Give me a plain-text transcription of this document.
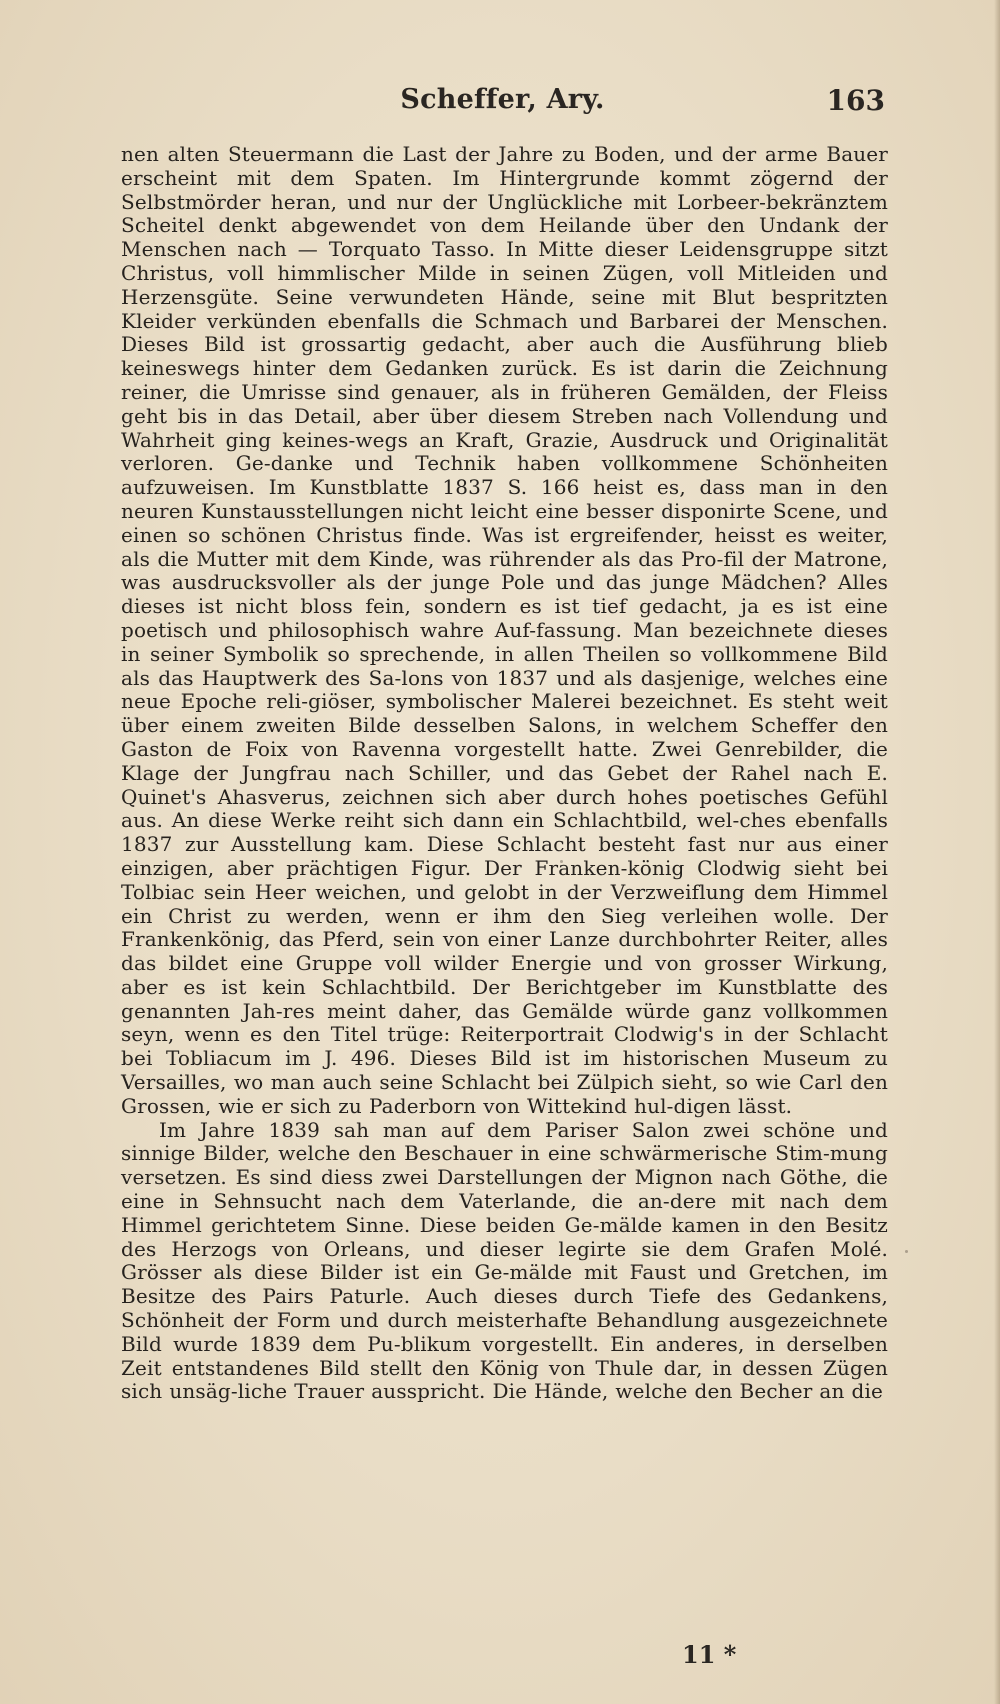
Scheffer, Ary.	163

nen alten Steuermann die Last der Jahre zu Boden, und der arme Bauer erscheint mit dem Spaten. Im Hintergrunde kommt zögernd der Selbstmörder heran, und nur der Unglückliche mit Lorbeer-bekränztem Scheitel denkt abgewendet von dem Heilande über den Undank der Menschen nach — Torquato Tasso. In Mitte dieser Leidensgruppe sitzt Christus, voll himmlischer Milde in seinen Zügen, voll Mitleiden und Herzensgüte. Seine verwundeten Hände, seine mit Blut bespritzten Kleider verkünden ebenfalls die Schmach und Barbarei der Menschen. Dieses Bild ist grossartig gedacht, aber auch die Ausführung blieb keineswegs hinter dem Gedanken zurück. Es ist darin die Zeichnung reiner, die Umrisse sind genauer, als in früheren Gemälden, der Fleiss geht bis in das Detail, aber über diesem Streben nach Vollendung und Wahrheit ging keines-wegs an Kraft, Grazie, Ausdruck und Originalität verloren. Ge-danke und Technik haben vollkommene Schönheiten aufzuweisen. Im Kunstblatte 1837 S. 166 heist es, dass man in den neuren Kunstausstellungen nicht leicht eine besser disponirte Scene, und einen so schönen Christus finde. Was ist ergreifender, heisst es weiter, als die Mutter mit dem Kinde, was rührender als das Pro-fil der Matrone, was ausdrucksvoller als der junge Pole und das junge Mädchen? Alles dieses ist nicht bloss fein, sondern es ist tief gedacht, ja es ist eine poetisch und philosophisch wahre Auf-fassung. Man bezeichnete dieses in seiner Symbolik so sprechende, in allen Theilen so vollkommene Bild als das Hauptwerk des Sa-lons von 1837 und als dasjenige, welches eine neue Epoche reli-giöser, symbolischer Malerei bezeichnet. Es steht weit über einem zweiten Bilde desselben Salons, in welchem Scheffer den Gaston de Foix von Ravenna vorgestellt hatte. Zwei Genrebilder, die Klage der Jungfrau nach Schiller, und das Gebet der Rahel nach E. Quinet's Ahasverus, zeichnen sich aber durch hohes poetisches Gefühl aus. An diese Werke reiht sich dann ein Schlachtbild, wel-ches ebenfalls 1837 zur Ausstellung kam. Diese Schlacht besteht fast nur aus einer einzigen, aber prächtigen Figur. Der Franken-könig Clodwig sieht bei Tolbiac sein Heer weichen, und gelobt in der Verzweiflung dem Himmel ein Christ zu werden, wenn er ihm den Sieg verleihen wolle. Der Frankenkönig, das Pferd, sein von einer Lanze durchbohrter Reiter, alles das bildet eine Gruppe voll wilder Energie und von grosser Wirkung, aber es ist kein Schlachtbild. Der Berichtgeber im Kunstblatte des genannten Jah-res meint daher, das Gemälde würde ganz vollkommen seyn, wenn es den Titel trüge: Reiterportrait Clodwig's in der Schlacht bei Tobliacum im J. 496. Dieses Bild ist im historischen Museum zu Versailles, wo man auch seine Schlacht bei Zülpich sieht, so wie Carl den Grossen, wie er sich zu Paderborn von Wittekind hul-digen lässt.

Im Jahre 1839 sah man auf dem Pariser Salon zwei schöne und sinnige Bilder, welche den Beschauer in eine schwärmerische Stim-mung versetzen. Es sind diess zwei Darstellungen der Mignon nach Göthe, die eine in Sehnsucht nach dem Vaterlande, die an-dere mit nach dem Himmel gerichtetem Sinne. Diese beiden Ge-mälde kamen in den Besitz des Herzogs von Orleans, und dieser legirte sie dem Grafen Molé. Grösser als diese Bilder ist ein Ge-mälde mit Faust und Gretchen, im Besitze des Pairs Paturle. Auch dieses durch Tiefe des Gedankens, Schönheit der Form und durch meisterhafte Behandlung ausgezeichnete Bild wurde 1839 dem Pu-blikum vorgestellt. Ein anderes, in derselben Zeit entstandenes Bild stellt den König von Thule dar, in dessen Zügen sich unsäg-liche Trauer ausspricht. Die Hände, welche den Becher an die

11 *
